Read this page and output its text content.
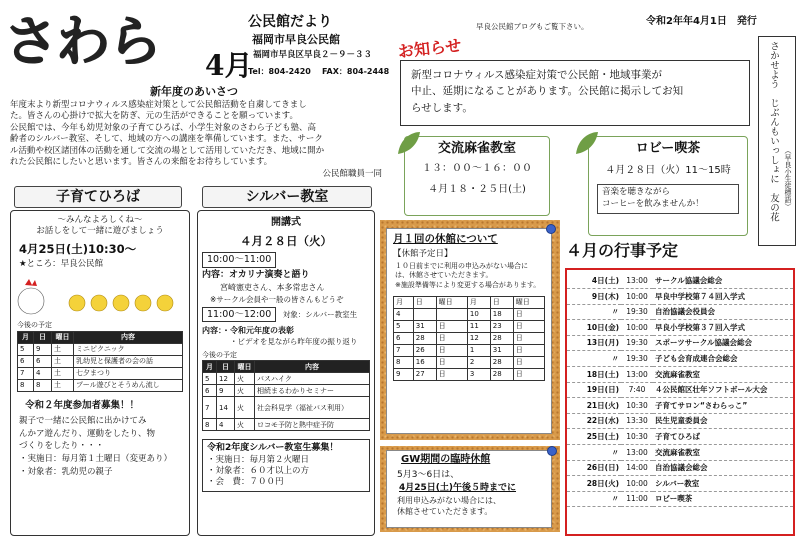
さわら 4月
公民館だより
福岡市早良公民館
福岡市早良区早良２－９－３３
Tel：804-2420 FAX：804-2448
早良公民館ブログもご覧下さい。	令和2年年4月1日　発行
お知らせ
新型コロナウィルス感染症対策で公民館・地域事業が
中止、延期になることがあります。公民館に掲示してお知
らせします。	さかせよう　じぶんもいっしょに　友の花 （早良小生徒標語）
新年度のあいさつ
年度末より新型コロナウィルス感染症対策として公民館活動を自粛してきまし
た。皆さんの心掛けで拡大を防ぎ、元の生活ができることを願っています。
公民館では、今年も幼児対象の子育てひろば、小学生対象のさわら子ども塾、高
齢者のシルバー教室、そして、地域の方への講座を準備しています。また、サーク
ル活動や校区諸団体の活動を通して交流の場として活用していただき、地域に開か
れた公民館にしたいと思います。皆さんの来館をお待ちしています。
公民館職員一同
子育てひろば
～みんなよろしくね～
お話しをして一緒に遊びましょう
4月25日(土)10:30～
★ところ：早良公民館
今後の予定
月	日	曜日	内容
5	9	土	ミニピクニック
6	6	土	乳幼児と保護者の会の話
7	4	土	七夕まつり
8	8	土	プール遊びとそうめん流し
令和２年度参加者募集！！
親子で一緒に公民館に出かけてみ
んかア遊んだり、運動をしたり、物
づくりをしたり・・・
・実施日：毎月第１土曜日（変更あり）
・対象者：乳幼児の親子
シルバー教室
開講式
４月２８日（火）
10:00～11:00
内容：オカリナ演奏と語り
宮崎憲吏さん、本多常忠さん
※サークル会員や一般の皆さんもどうぞ
11:00～12:00 対象：シルバー教室生
内容：・令和元年度の表彰
・ビデオを見ながら昨年度の振り返り
今後の予定
月	日	曜日	内容
5	12	火	バスハイク
6	9	火	相続まるわかりセミナー
7	14	火	社会科見学（福祉バス利用）
8	4	火	ロコモ予防と熱中症予防
令和2年度シルバー教室生募集！
・実施日：毎月第２火曜日
・対象者：６０才以上の方
・会　費：７００円
月１回の休館について
【休館予定日】
１０日前までに利用の申込みがない場合に
は、休館させていただきます。
※施設準備等により変更する場合があります。
月	日	曜日	月	日	曜日
4			10	18	日
5	31	日	11	23	日
6	28	日	12	28	日
7	26	日	1	31	日
8	16	日	2	28	日
9	27	日	3	28	日
GW期間の臨時休館
5月3～6日は、
4月25日(土)午後５時までに
利用申込みがない場合には、
休館させていただきます。
交流麻雀教室
１３：００～１６：００
４月１８・２５日(土)
ロビー喫茶
４月２８日（火）11～15時
音楽を聴きながら
コーヒーを飲みませんか！
４月の行事予定
4日(土)	13:00	サークル協議会総会
9日(木)	10:00	早良中学校第７４回入学式
〃	19:30	自治協議会役員会
10日(金)	10:00	早良小学校第３７回入学式
13日(月)	19:30	スポーツサークル協議会総会
〃	19:30	子ども会育成連合会総会
18日(土)	13:00	交流麻雀教室
19日(日)	7:40	４公民館区壮年ソフトボール大会
21日(火)	10:30	子育てサロン“さわらっこ”
22日(水)	13:30	民生児童委員会
25日(土)	10:30	子育てひろば
〃	13:00	交流麻雀教室
26日(日)	14:00	自治協議会総会
28日(火)	10:00	シルバー教室
〃	11:00	ロビー喫茶
